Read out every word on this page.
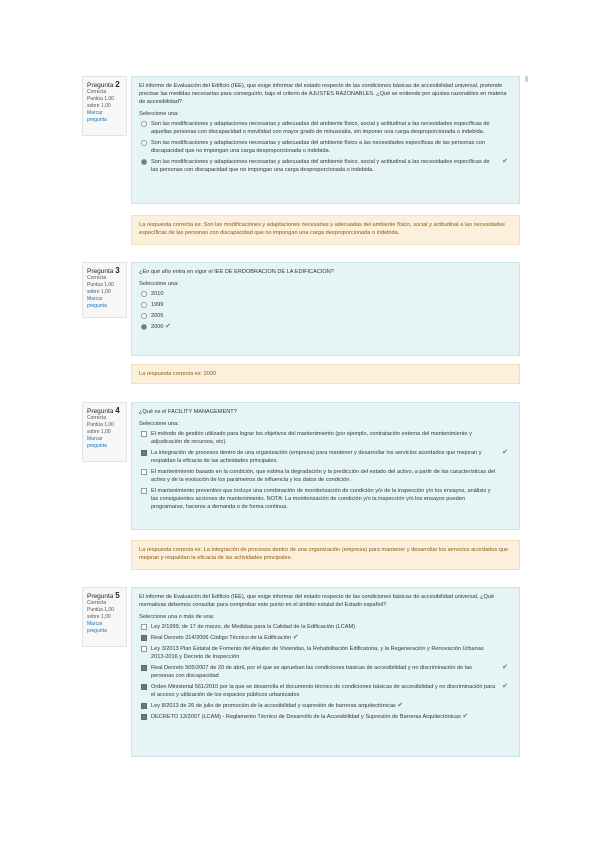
Pregunta 2
Correcta
Puntúa 1,00 sobre 1,00
Marcar pregunta
El informe de Evaluación del Edificio (IEE), que exige informar del estado respecto de las condiciones básicas de accesibilidad universal, pretende precisar las medidas necesarias para conseguirlo, bajo el criterio de AJUSTES RAZONABLES. ¿Qué se entiende por ajustes razonables en materia de accesibilidad?
Seleccione una:
Son las modificaciones y adaptaciones necesarias y adecuadas del ambiente físico, social y actitudinal a las necesidades específicas de aquellas personas con discapacidad o movilidad con mayor grado de minusvalía, sin imponer una carga desproporcionada o indebida.
Son las modificaciones y adaptaciones necesarias y adecuadas del ambiente físico a las necesidades específicas de las personas con discapacidad que no impongan una carga desproporcionada o indebida.
Son las modificaciones y adaptaciones necesarias y adecuadas del ambiente físico, social y actitudinal a las necesidades específicas de las personas con discapacidad que no impongan una carga desproporcionada o indebida.
✔
La respuesta correcta es: Son las modificaciones y adaptaciones necesarias y adecuadas del ambiente físico, social y actitudinal a las necesidades específicas de las personas con discapacidad que no impongan una carga desproporcionada o indebida.
Pregunta 3
Correcta
Puntúa 1,00 sobre 1,00
Marcar pregunta
¿En qué año entra en vigor el IEE DE ERDOBRACION DE LA EDIFICACION?
Seleccione una:
2010
1999
2005
2000 ✔
La respuesta correcta es: 2000
Pregunta 4
Correcta
Puntúa 1,00 sobre 1,00
Marcar pregunta
¿Qué es el FACILITY MANAGEMENT?
Seleccione una:
El método de gestión utilizado para lograr los objetivos del mantenimiento (por ejemplo, contratación externa del mantenimiento y adjudicación de recursos, etc).
La integración de procesos dentro de una organización (empresa) para mantener y desarrollar los servicios acordados que mejoran y respaldan la eficacia de las actividades principales.
✔
El mantenimiento basado en la condición, que estima la degradación y la predicción del estado del activo, a partir de las características del activo y de la evolución de los parámetros de influencia y los datos de condición.
El mantenimiento preventivo que incluye una combinación de monitorización de condición y/o de la inspección y/o los ensayos, análisis y las consiguientes acciones de mantenimiento. NOTA: La monitorización de condición y/o la inspección y/o los ensayos pueden programarse, hacerse a demanda o de forma continua.
La respuesta correcta es: La integración de procesos dentro de una organización (empresa) para mantener y desarrollar los servicios acordados que mejoran y respaldan la eficacia de las actividades principales.
Pregunta 5
Correcta
Puntúa 1,00 sobre 1,00
Marcar pregunta
El informe de Evaluación del Edificio (IEE), que exige informar del estado respecto de las condiciones básicas de accesibilidad universal, ¿Qué normativas debemos consultar para comprobar este punto en el ámbito estatal del Estado español?
Seleccione una o más de una:
Ley 2/1999, de 17 de marzo, de Medidas para la Calidad de la Edificación (LCAM)
Real Decreto 314/2006 Código Técnico de la Edificación ✔
Ley 3/2013 Plan Estatal de Fomento del Alquiler de Viviendas, la Rehabilitación Edificatoria, y la Regeneración y Renovación Urbanas 2013-2016 y Decreto de Inspección
Real Decreto 505/2007 de 20 de abril, por el que se aprueban las condiciones básicas de accesibilidad y no discriminación de las personas con discapacidad
✔
Orden Ministerial 561/2010 por la que se desarrolla el documento técnico de condiciones básicas de accesibilidad y no discriminación para el acceso y utilización de los espacios públicos urbanizados
✔
Ley 8/2013 de 26 de julio de promoción de la accesibilidad y supresión de barreras arquitectónicas ✔
DECRETO 13/2007 (LCAM) - Reglamento Técnico de Desarrollo de la Accesibilidad y Supresión de Barreras Arquitectónicas ✔
